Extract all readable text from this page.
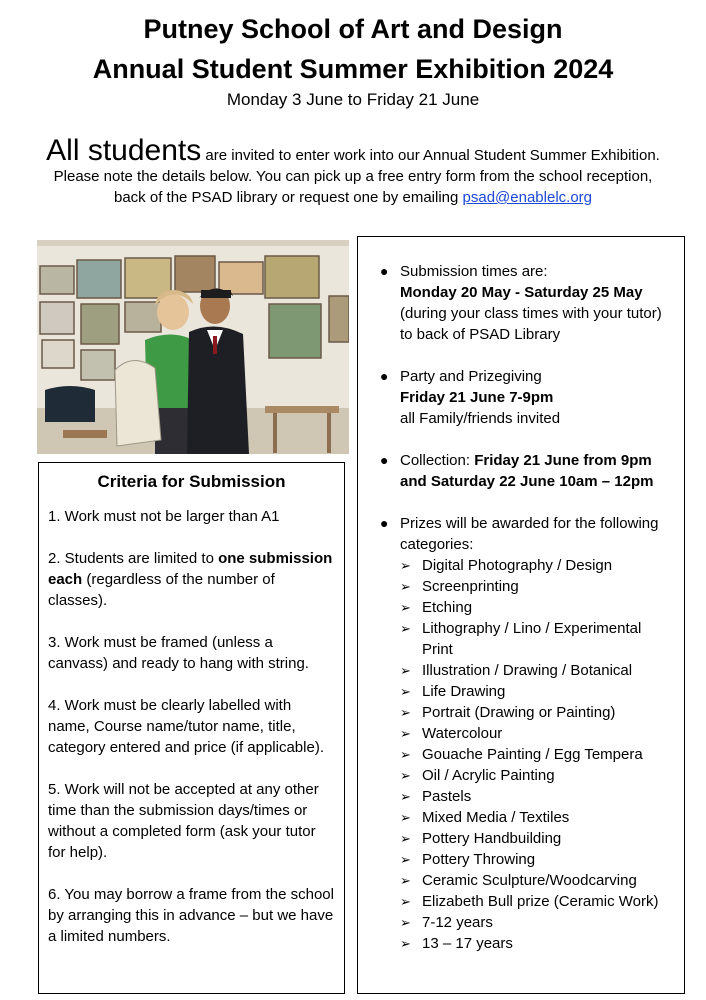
Putney School of Art and Design
Annual Student Summer Exhibition 2024
Monday 3 June to Friday 21 June
All students are invited to enter work into our Annual Student Summer Exhibition.
Please note the details below. You can pick up a free entry form from the school reception,
back of the PSAD library or request one by emailing psad@enablelc.org
Criteria for Submission

1. Work must not be larger than A1

2. Students are limited to one submission each (regardless of the number of classes).

3. Work must be framed (unless a canvass) and ready to hang with string.

4. Work must be clearly labelled with name, Course name/tutor name, title, category entered and price (if applicable).

5. Work will not be accepted at any other time than the submission days/times or without a completed form (ask your tutor for help).

6. You may borrow a frame from the school by arranging this in advance – but we have a limited numbers.

● Submission times are:
Monday 20 May - Saturday 25 May
(during your class times with your tutor) to back of PSAD Library
● Party and Prizegiving
Friday 21 June 7-9pm
all Family/friends invited
● Collection: Friday 21 June from 9pm and Saturday 22 June 10am – 12pm
● Prizes will be awarded for the following categories:
➢ Digital Photography / Design
➢ Screenprinting
➢ Etching
➢ Lithography / Lino / Experimental Print
➢ Illustration / Drawing / Botanical
➢ Life Drawing
➢ Portrait (Drawing or Painting)
➢ Watercolour
➢ Gouache Painting / Egg Tempera
➢ Oil / Acrylic Painting
➢ Pastels
➢ Mixed Media / Textiles
➢ Pottery Handbuilding
➢ Pottery Throwing
➢ Ceramic Sculpture/Woodcarving
➢ Elizabeth Bull prize (Ceramic Work)
➢ 7-12 years
➢ 13 – 17 years
